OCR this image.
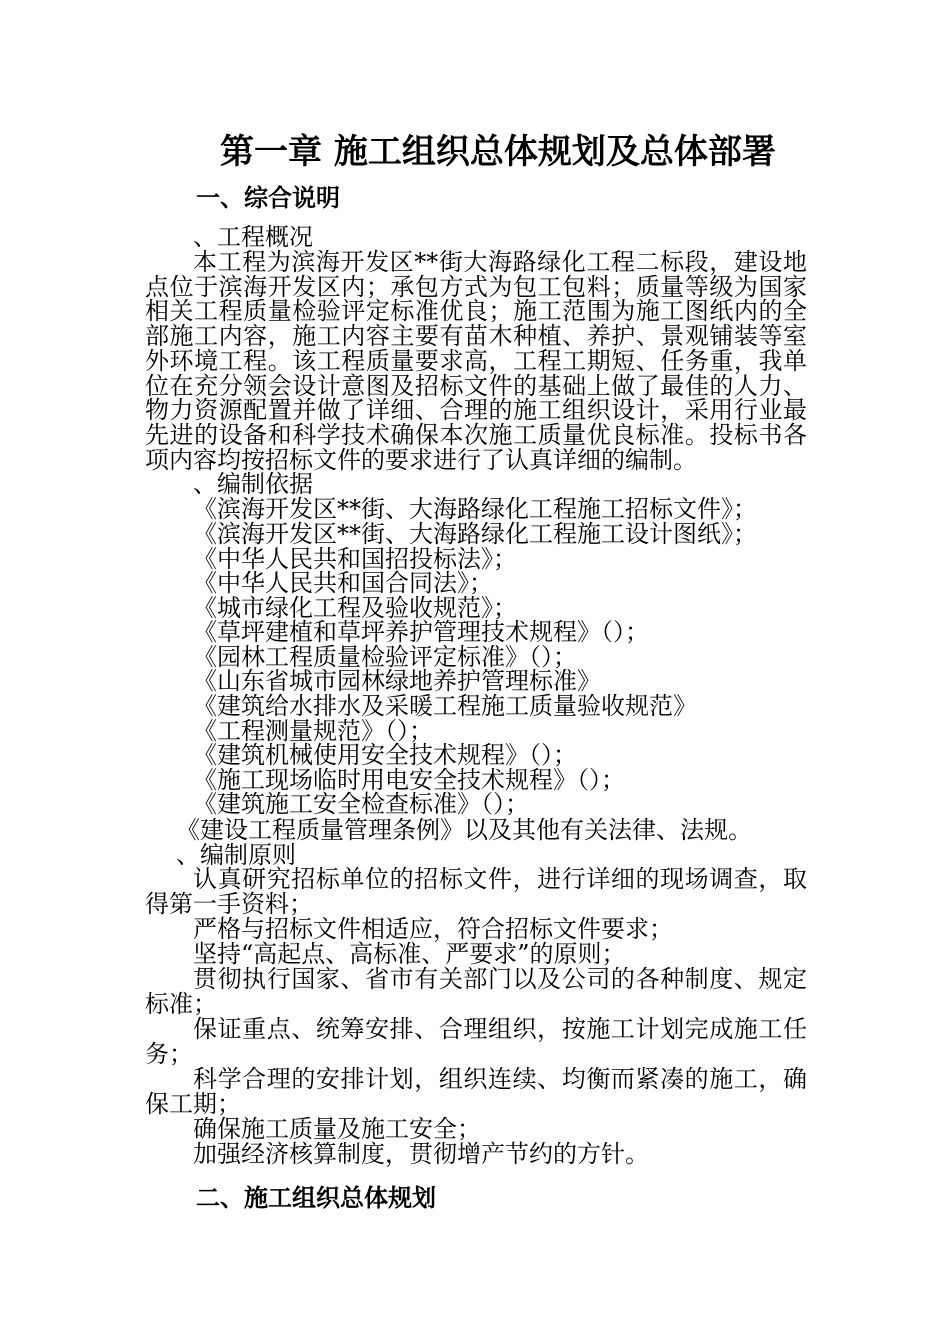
第一章 施工组织总体规划及总体部署
一、综合说明
、工程概况

本工程为滨海开发区**街大海路绿化工程二标段，建设地点位于滨海开发区内；承包方式为包工包料；质量等级为国家相关工程质量检验评定标准优良；施工范围为施工图纸内的全部施工内容，施工内容主要有苗木种植、养护、景观铺装等室外环境工程。该工程质量要求高，工程工期短、任务重，我单位在充分领会设计意图及招标文件的基础上做了最佳的人力、物力资源配置并做了详细、合理的施工组织设计，采用行业最先进的设备和科学技术确保本次施工质量优良标准。投标书各项内容均按招标文件的要求进行了认真详细的编制。

、编制依据
《滨海开发区**街、大海路绿化工程施工招标文件》；
《滨海开发区**街、大海路绿化工程施工设计图纸》；
《中华人民共和国招投标法》；
《中华人民共和国合同法》；
《城市绿化工程及验收规范》；
《草坪建植和草坪养护管理技术规程》（）；
《园林工程质量检验评定标准》（）；
《山东省城市园林绿地养护管理标准》
《建筑给水排水及采暖工程施工质量验收规范》
《工程测量规范》（）；
《建筑机械使用安全技术规程》（）；
《施工现场临时用电安全技术规程》（）；
《建筑施工安全检查标准》（）；
《建设工程质量管理条例》以及其他有关法律、法规。
、编制原则

认真研究招标单位的招标文件，进行详细的现场调查，取得第一手资料；

严格与招标文件相适应，符合招标文件要求；

坚持“高起点、高标准、严要求”的原则；

贯彻执行国家、省市有关部门以及公司的各种制度、规定标准；

保证重点、统筹安排、合理组织，按施工计划完成施工任务；

科学合理的安排计划，组织连续、均衡而紧凑的施工，确保工期；

确保施工质量及施工安全；

加强经济核算制度，贯彻增产节约的方针。

二、施工组织总体规划
